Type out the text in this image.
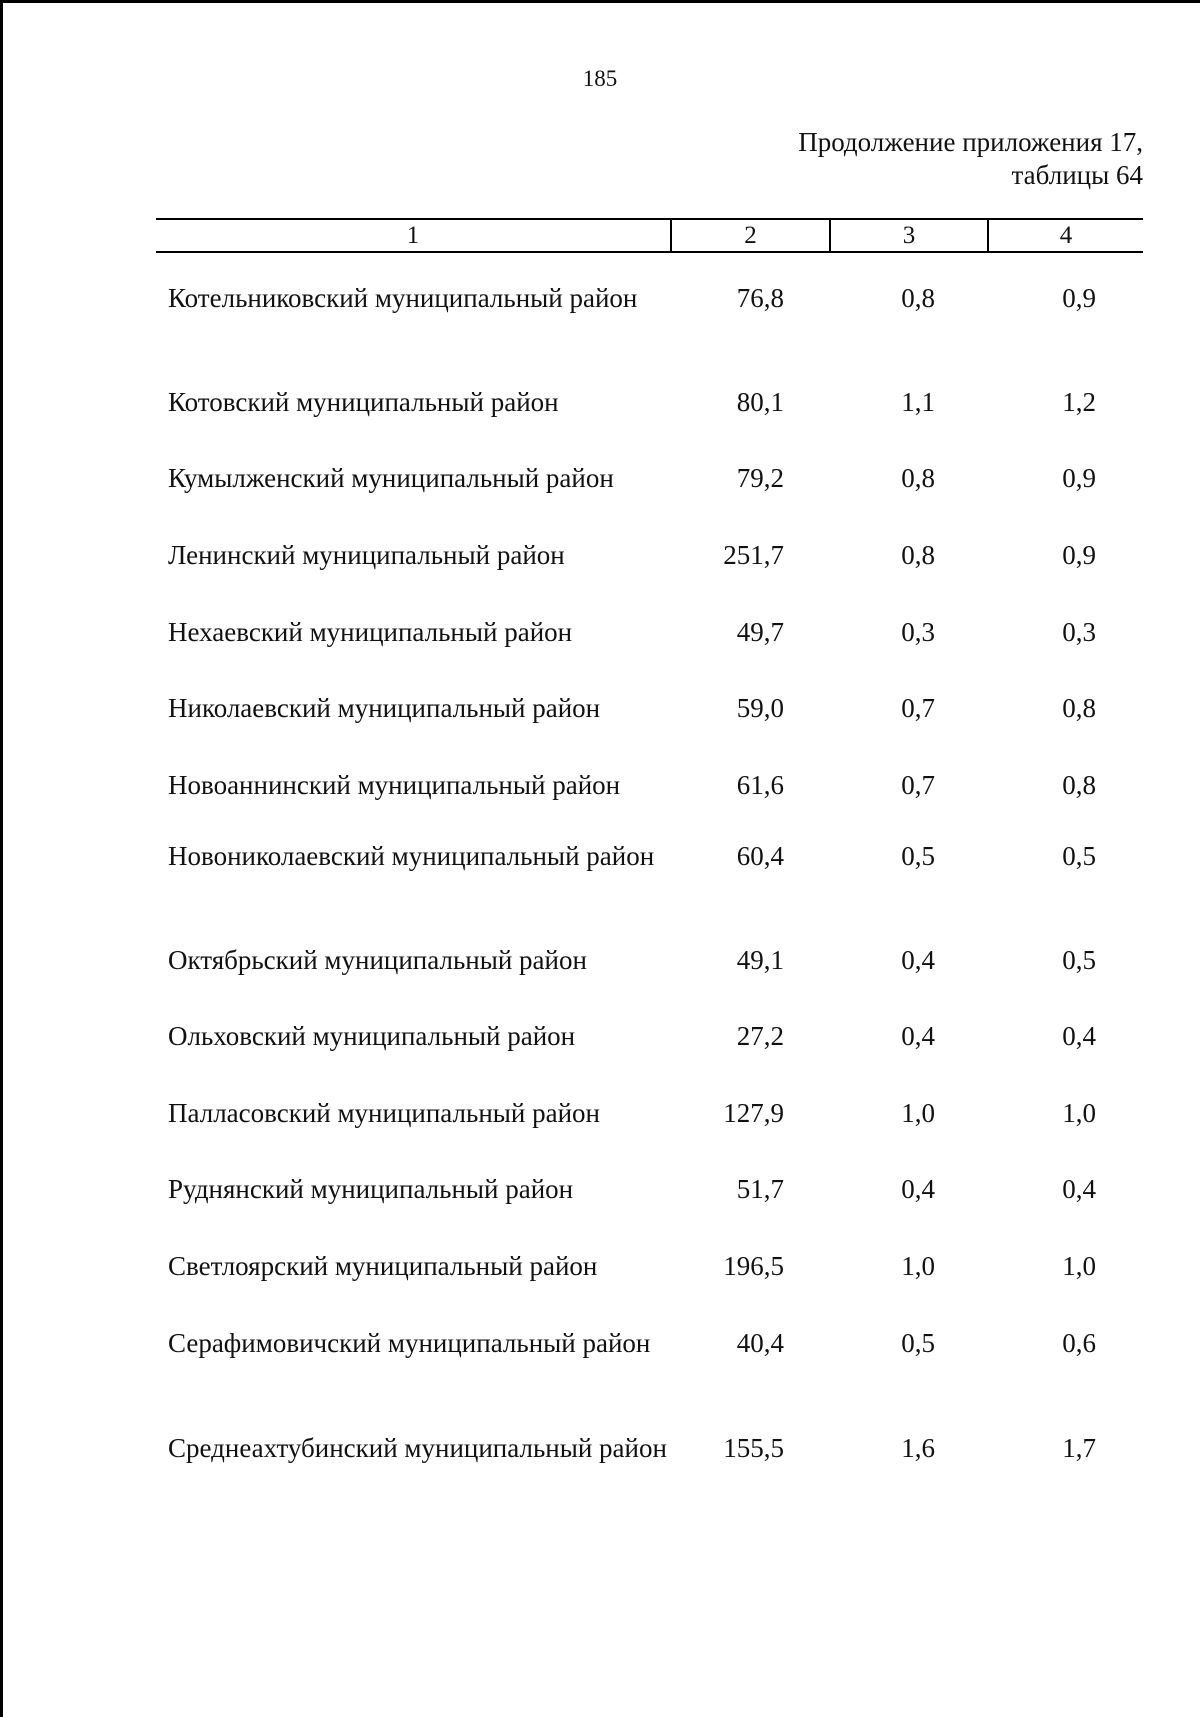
185
Продолжение приложения 17,
таблицы 64
1	2	3	4
Котельниковский муниципальный район	76,8	0,8	0,9
Котовский муниципальный район	80,1	1,1	1,2
Кумылженский муниципальный район	79,2	0,8	0,9
Ленинский муниципальный район	251,7	0,8	0,9
Нехаевский муниципальный район	49,7	0,3	0,3
Николаевский муниципальный район	59,0	0,7	0,8
Новоаннинский муниципальный район	61,6	0,7	0,8
Новониколаевский муниципальный район	60,4	0,5	0,5
Октябрьский муниципальный район	49,1	0,4	0,5
Ольховский муниципальный район	27,2	0,4	0,4
Палласовский муниципальный район	127,9	1,0	1,0
Руднянский муниципальный район	51,7	0,4	0,4
Светлоярский муниципальный район	196,5	1,0	1,0
Серафимовичский муниципальный район	40,4	0,5	0,6
Среднеахтубинский муниципальный район	155,5	1,6	1,7
